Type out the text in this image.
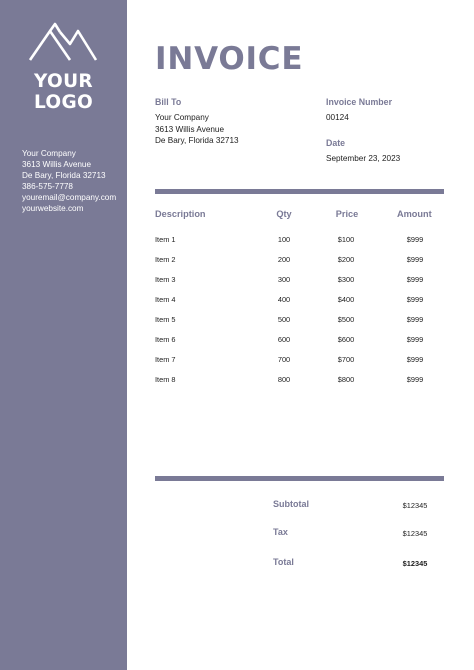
YOUR
LOGO
Your Company
3613 Willis Avenue
De Bary, Florida 32713
386-575-7778
youremail@company.com
yourwebsite.com
INVOICE
Bill To
Your Company
3613 Willis Avenue
De Bary, Florida 32713
Invoice Number
00124
Date
September 23, 2023
Description	Qty	Price	Amount
Item 1	100	$100	$999
Item 2	200	$200	$999
Item 3	300	$300	$999
Item 4	400	$400	$999
Item 5	500	$500	$999
Item 6	600	$600	$999
Item 7	700	$700	$999
Item 8	800	$800	$999
Subtotal	$12345
Tax	$12345
Total	$12345
